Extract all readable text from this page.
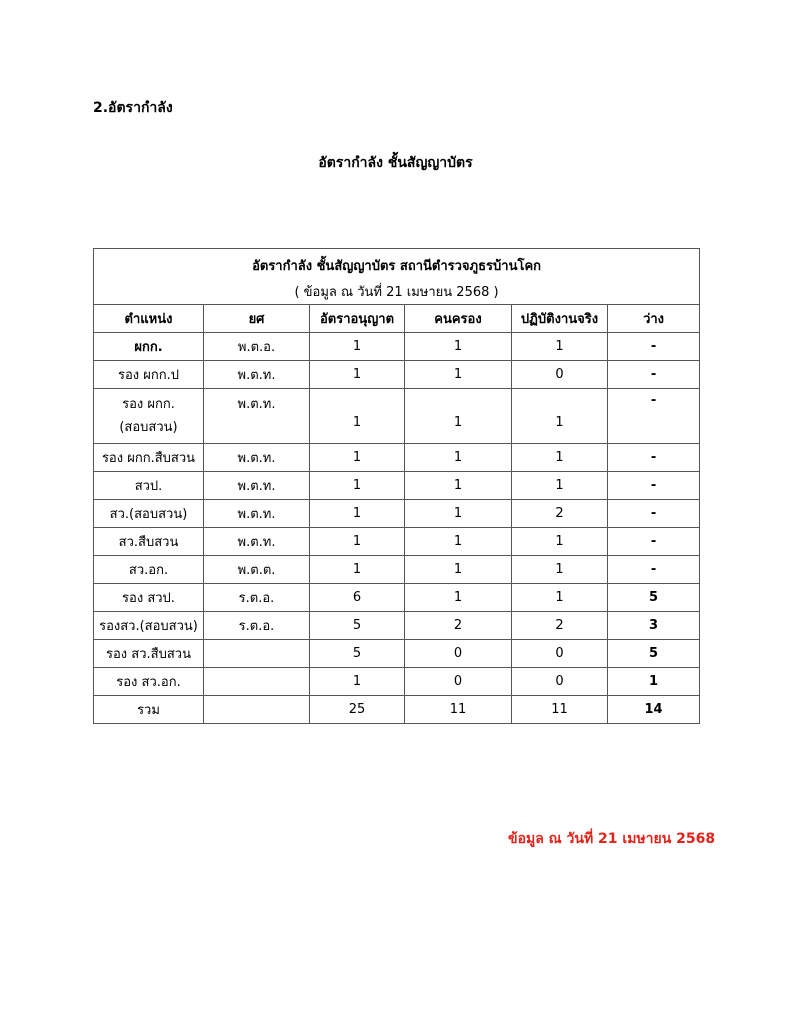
2.อัตรากำลัง

อัตรากำลัง ชั้นสัญญาบัตร

อัตรากำลัง ชั้นสัญญาบัตร สถานีตำรวจภูธรบ้านโคก					
( ข้อมูล ณ วันที่ 21 เมษายน 2568 )					
ตำแหน่ง	ยศ	อัตราอนุญาต	คนครอง	ปฏิบัติงานจริง	ว่าง
ผกก.	พ.ต.อ.	1	1	1	-
รอง ผกก.ป	พ.ต.ท.	1	1	0	-

รอง ผกก.
(สอบสวน)	พ.ต.ท.	1	1	1	-

รอง ผกก.สืบสวน	พ.ต.ท.	1	1	1	-
สวป.	พ.ต.ท.	1	1	1	-
สว.(สอบสวน)	พ.ต.ท.	1	1	2	-
สว.สืบสวน	พ.ต.ท.	1	1	1	-
สว.อก.	พ.ต.ต.	1	1	1	-
รอง สวป.	ร.ต.อ.	6	1	1	5
รองสว.(สอบสวน)	ร.ต.อ.	5	2	2	3
รอง สว.สืบสวน		5	0	0	5
รอง สว.อก.		1	0	0	1
รวม		25	11	11	14

ข้อมูล ณ วันที่ 21 เมษายน 2568
